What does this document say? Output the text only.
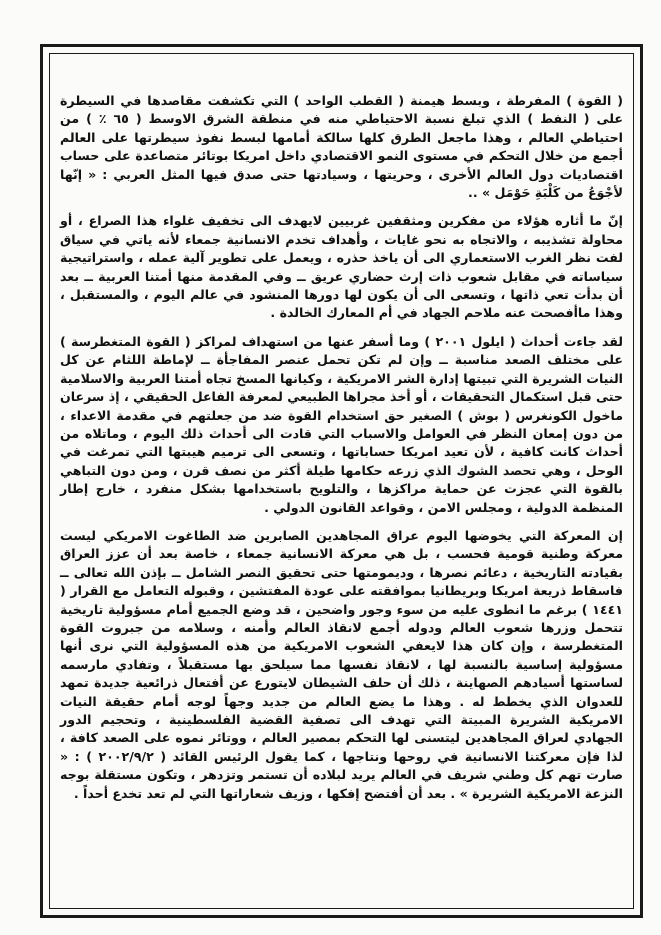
( القوة ) المفرطة ، وبسط هيمنة ( القطب الواحد ) التي تكشفت مقاصدها في السيطرة على ( النفط ) الذي تبلغ نسبة الاحتياطي منه في منطقة الشرق الاوسط ( ٦٥ ٪ ) من احتياطي العالم ، وهذا ماجعل الطرق كلها سالكة أمامها لبسط نفوذ سيطرتها على العالم أجمع من خلال التحكم في مستوى النمو الاقتصادي داخل امريكا بوتائر متصاعدة على حساب اقتصاديات دول العالم الأخرى ، وحريتها ، وسيادتها حتى صدق فيها المثل العربي : « إنّها لأجْوَعُ من كَلْبَةِ حَوْمَل » ..

إنّ ما أثاره هؤلاء من مفكرين ومثقفين غربيين لايهدف الى تخفيف غلواء هذا الصراع ، أو محاولة تشذيبه ، والاتجاه به نحو غايات ، وأهداف تخدم الانسانية جمعاء لأنه ياتي في سياق لفت نظر الغرب الاستعماري الى أن ياخذ حذره ، ويعمل على تطوير آلية عمله ، واستراتيجية سياساته في مقابل شعوب ذات إرث حضاري عريق ــ وفي المقدمة منها أمتنا العربية ــ بعد أن بدأت تعي ذاتها ، وتسعى الى أن يكون لها دورها المنشود في عالم اليوم ، والمستقبل ، وهذا ماأفصحت عنه ملاحم الجهاد في أم المعارك الخالدة .

لقد جاءت أحداث ( ايلول ٢٠٠١ ) وما أسفر عنها من استهداف لمراكز ( القوة المتغطرسة ) على مختلف الصعد مناسبة ــ وإن لم تكن تحمل عنصر المفاجأة ــ لإماطة اللثام عن كل النيات الشريرة التي تبيتها إدارة الشر الامريكية ، وكيانها المسخ تجاه أمتنا العربية والاسلامية حتى قبل استكمال التحقيقات ، أو أخذ مجراها الطبيعي لمعرفة الفاعل الحقيقي ، إذ سرعان ماخول الكونغرس ( بوش ) الصغير حق استخدام القوة ضد من جعلتهم في مقدمة الاعداء ، من دون إمعان النظر في العوامل والاسباب التي قادت الى أحداث ذلك اليوم ، وماتلاه من أحداث كانت كافية ، لأن تعيد امريكا حساباتها ، وتسعى الى ترميم هيبتها التي تمرغت في الوحل ، وهي تحصد الشوك الذي زرعه حكامها طيلة أكثر من نصف قرن ، ومن دون التباهي بالقوة التي عجزت عن حماية مراكزها ، والتلويح باستخدامها بشكل منفرد ، خارج إطار المنظمة الدولية ، ومجلس الامن ، وقواعد القانون الدولي .

إن المعركة التي يخوضها اليوم عراق المجاهدين الصابرين ضد الطاغوت الامريكي ليست معركة وطنية قومية فحسب ، بل هي معركة الانسانية جمعاء ، خاصة بعد أن عزز العراق بقيادته التاريخية ، دعائم نصرها ، وديمومتها حتى تحقيق النصر الشامل ــ بإذن الله تعالى ــ فاسقاط ذريعة امريكا وبريطانيا بموافقته على عودة المفتشين ، وقبوله التعامل مع القرار ( ١٤٤١ ) برغم ما انطوى عليه من سوء وجور واضحين ، قد وضع الجميع أمام مسؤولية تاريخية تتحمل وزرها شعوب العالم ودوله أجمع لانقاذ العالم وأمنه ، وسلامه من جبروت القوة المتغطرسة ، وإن كان هذا لايعفي الشعوب الامريكية من هذه المسؤولية التي نرى أنها مسؤولية إساسية بالنسبة لها ، لانقاذ نفسها مما سيلحق بها مستقبلاً ، وتفادي مارسمه لساستها أسيادهم الصهاينة ، ذلك أن حلف الشيطان لايتورع عن أفتعال ذرائعية جديدة تمهد للعدوان الذي يخطط له . وهذا ما يضع العالم من جديد وجهاً لوجه أمام حقيقة النيات الامريكية الشريرة المبيتة التي تهدف الى تصفية القضية الفلسطينية ، وتحجيم الدور الجهادي لعراق المجاهدين ليتسنى لها التحكم بمصير العالم ، ووتائر نموه على الصعد كافة ، لذا فإن معركتنا الانسانية في روحها ونتاجها ، كما يقول الرئيس القائد ( ٢٠٠٢/٩/٢ ) : « صارت تهم كل وطني شريف في العالم يريد لبلاده أن تستمر وتزدهر ، وتكون مستقلة بوجه النزعة الامريكية الشريرة » . بعد أن أفتضح إفكها ، وزيف شعاراتها التي لم تعد تخدع أحداً .
